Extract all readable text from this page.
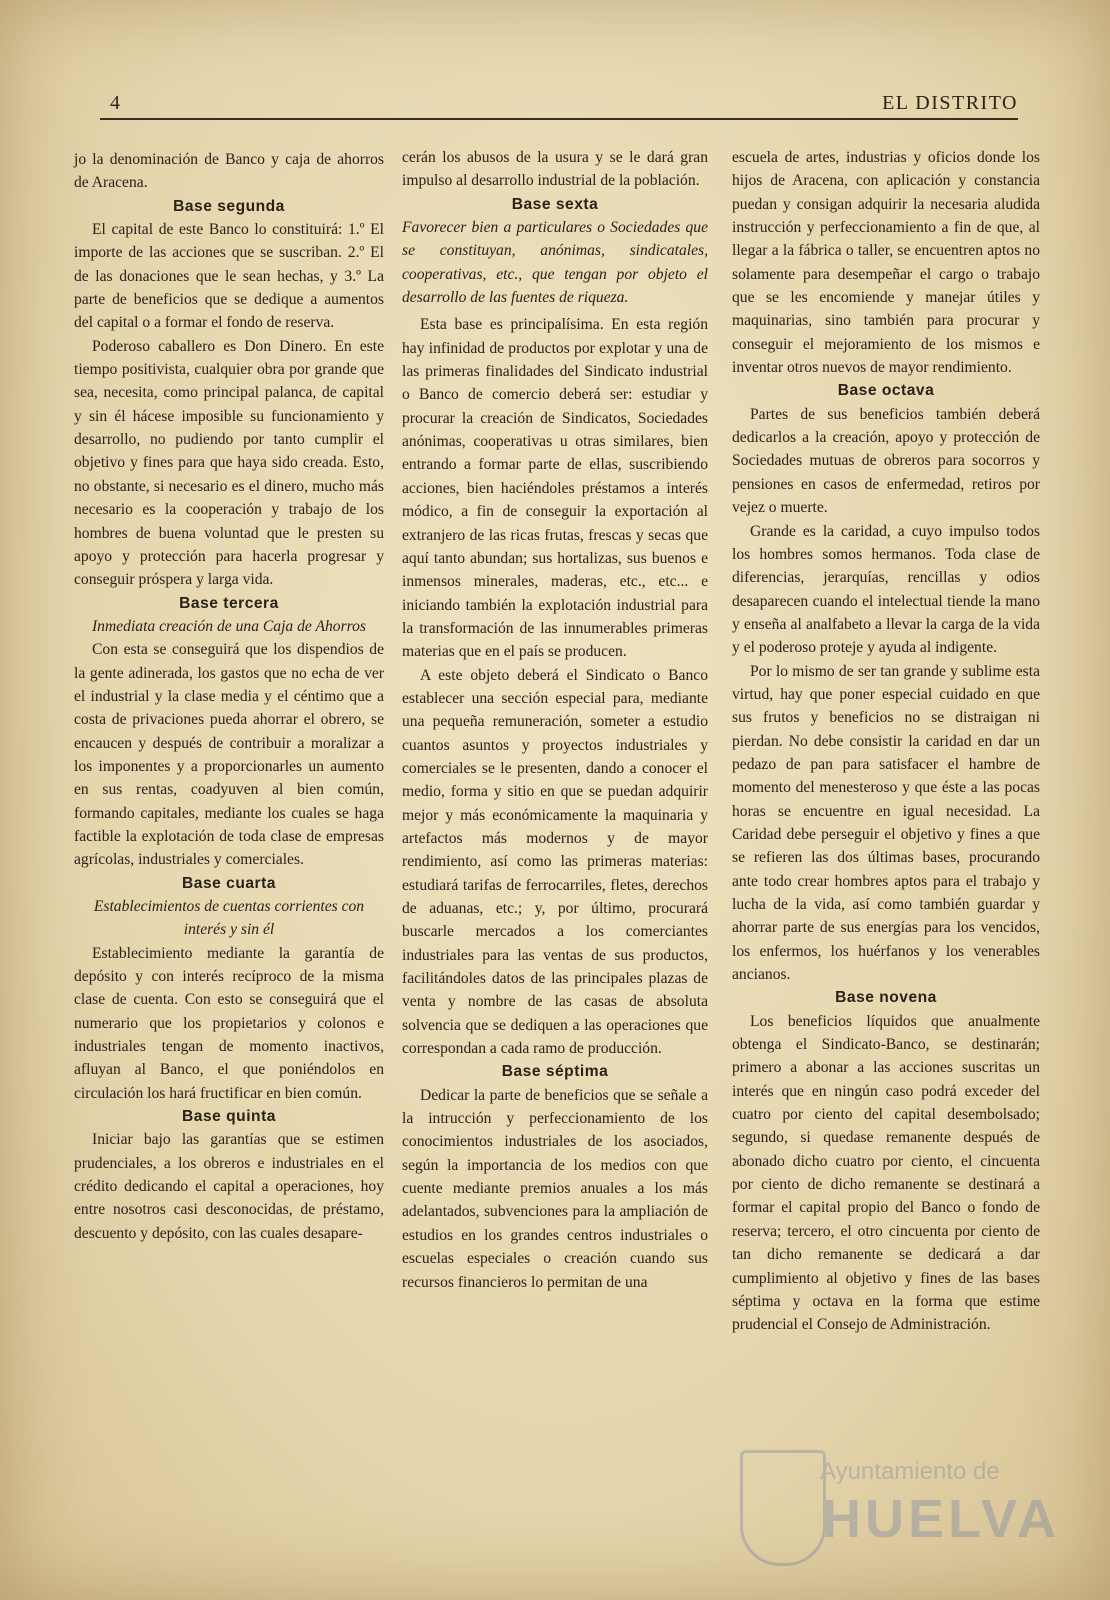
4	EL DISTRITO

jo la denominación de Banco y caja de ahorros de Aracena.

Base segunda

El capital de este Banco lo constituirá: 1.º El importe de las acciones que se suscriban. 2.º El de las donaciones que le sean hechas, y 3.º La parte de beneficios que se dedique a aumentos del capital o a formar el fondo de reserva.

Poderoso caballero es Don Dinero. En este tiempo positivista, cualquier obra por grande que sea, necesita, como principal palanca, de capital y sin él hácese imposible su funcionamiento y desarrollo, no pudiendo por tanto cumplir el objetivo y fines para que haya sido creada. Esto, no obstante, si necesario es el dinero, mucho más necesario es la cooperación y trabajo de los hombres de buena voluntad que le presten su apoyo y protección para hacerla progresar y conseguir próspera y larga vida.

Base tercera

Inmediata creación de una Caja de Ahorros

Con esta se conseguirá que los dispendios de la gente adinerada, los gastos que no echa de ver el industrial y la clase media y el céntimo que a costa de privaciones pueda ahorrar el obrero, se encaucen y después de contribuir a moralizar a los imponentes y a proporcionarles un aumento en sus rentas, coadyuven al bien común, formando capitales, mediante los cuales se haga factible la explotación de toda clase de empresas agrícolas, industriales y comerciales.

Base cuarta

Establecimientos de cuentas corrientes con interés y sin él

Establecimiento mediante la garantía de depósito y con interés recíproco de la misma clase de cuenta. Con esto se conseguirá que el numerario que los propietarios y colonos e industriales tengan de momento inactivos, afluyan al Banco, el que poniéndolos en circulación los hará fructificar en bien común.

Base quinta

Iniciar bajo las garantías que se estimen prudenciales, a los obreros e industriales en el crédito dedicando el capital a operaciones, hoy entre nosotros casi desconocidas, de préstamo, descuento y depósito, con las cuales desapare-

cerán los abusos de la usura y se le dará gran impulso al desarrollo industrial de la población.

Base sexta

Favorecer bien a particulares o Sociedades que se constituyan, anónimas, sindicatales, cooperativas, etc., que tengan por objeto el desarrollo de las fuentes de riqueza.

Esta base es principalísima. En esta región hay infinidad de productos por explotar y una de las primeras finalidades del Sindicato industrial o Banco de comercio deberá ser: estudiar y procurar la creación de Sindicatos, Sociedades anónimas, cooperativas u otras similares, bien entrando a formar parte de ellas, suscribiendo acciones, bien haciéndoles préstamos a interés módico, a fin de conseguir la exportación al extranjero de las ricas frutas, frescas y secas que aquí tanto abundan; sus hortalizas, sus buenos e inmensos minerales, maderas, etc., etc... e iniciando también la explotación industrial para la transformación de las innumerables primeras materias que en el país se producen.

A este objeto deberá el Sindicato o Banco establecer una sección especial para, mediante una pequeña remuneración, someter a estudio cuantos asuntos y proyectos industriales y comerciales se le presenten, dando a conocer el medio, forma y sitio en que se puedan adquirir mejor y más económicamente la maquinaria y artefactos más modernos y de mayor rendimiento, así como las primeras materias: estudiará tarifas de ferrocarriles, fletes, derechos de aduanas, etc.; y, por último, procurará buscarle mercados a los comerciantes industriales para las ventas de sus productos, facilitándoles datos de las principales plazas de venta y nombre de las casas de absoluta solvencia que se dediquen a las operaciones que correspondan a cada ramo de producción.

Base séptima

Dedicar la parte de beneficios que se señale a la intrucción y perfeccionamiento de los conocimientos industriales de los asociados, según la importancia de los medios con que cuente mediante premios anuales a los más adelantados, subvenciones para la ampliación de estudios en los grandes centros industriales o escuelas especiales o creación cuando sus recursos financieros lo permitan de una

escuela de artes, industrias y oficios donde los hijos de Aracena, con aplicación y constancia puedan y consigan adquirir la necesaria aludida instrucción y perfeccionamiento a fin de que, al llegar a la fábrica o taller, se encuentren aptos no solamente para desempeñar el cargo o trabajo que se les encomiende y manejar útiles y maquinarias, sino también para procurar y conseguir el mejoramiento de los mismos e inventar otros nuevos de mayor rendimiento.

Base octava

Partes de sus beneficios también deberá dedicarlos a la creación, apoyo y protección de Sociedades mutuas de obreros para socorros y pensiones en casos de enfermedad, retiros por vejez o muerte.

Grande es la caridad, a cuyo impulso todos los hombres somos hermanos. Toda clase de diferencias, jerarquías, rencillas y odios desaparecen cuando el intelectual tiende la mano y enseña al analfabeto a llevar la carga de la vida y el poderoso proteje y ayuda al indigente.

Por lo mismo de ser tan grande y sublime esta virtud, hay que poner especial cuidado en que sus frutos y beneficios no se distraigan ni pierdan. No debe consistir la caridad en dar un pedazo de pan para satisfacer el hambre de momento del menesteroso y que éste a las pocas horas se encuentre en igual necesidad. La Caridad debe perseguir el objetivo y fines a que se refieren las dos últimas bases, procurando ante todo crear hombres aptos para el trabajo y lucha de la vida, así como también guardar y ahorrar parte de sus energías para los vencidos, los enfermos, los huérfanos y los venerables ancianos.

Base novena

Los beneficios líquidos que anualmente obtenga el Sindicato-Banco, se destinarán; primero a abonar a las acciones suscritas un interés que en ningún caso podrá exceder del cuatro por ciento del capital desembolsado; segundo, si quedase remanente después de abonado dicho cuatro por ciento, el cincuenta por ciento de dicho remanente se destinará a formar el capital propio del Banco o fondo de reserva; tercero, el otro cincuenta por ciento de tan dicho remanente se dedicará a dar cumplimiento al objetivo y fines de las bases séptima y octava en la forma que estime prudencial el Consejo de Administración.

Ayuntamiento de
HUELVA
